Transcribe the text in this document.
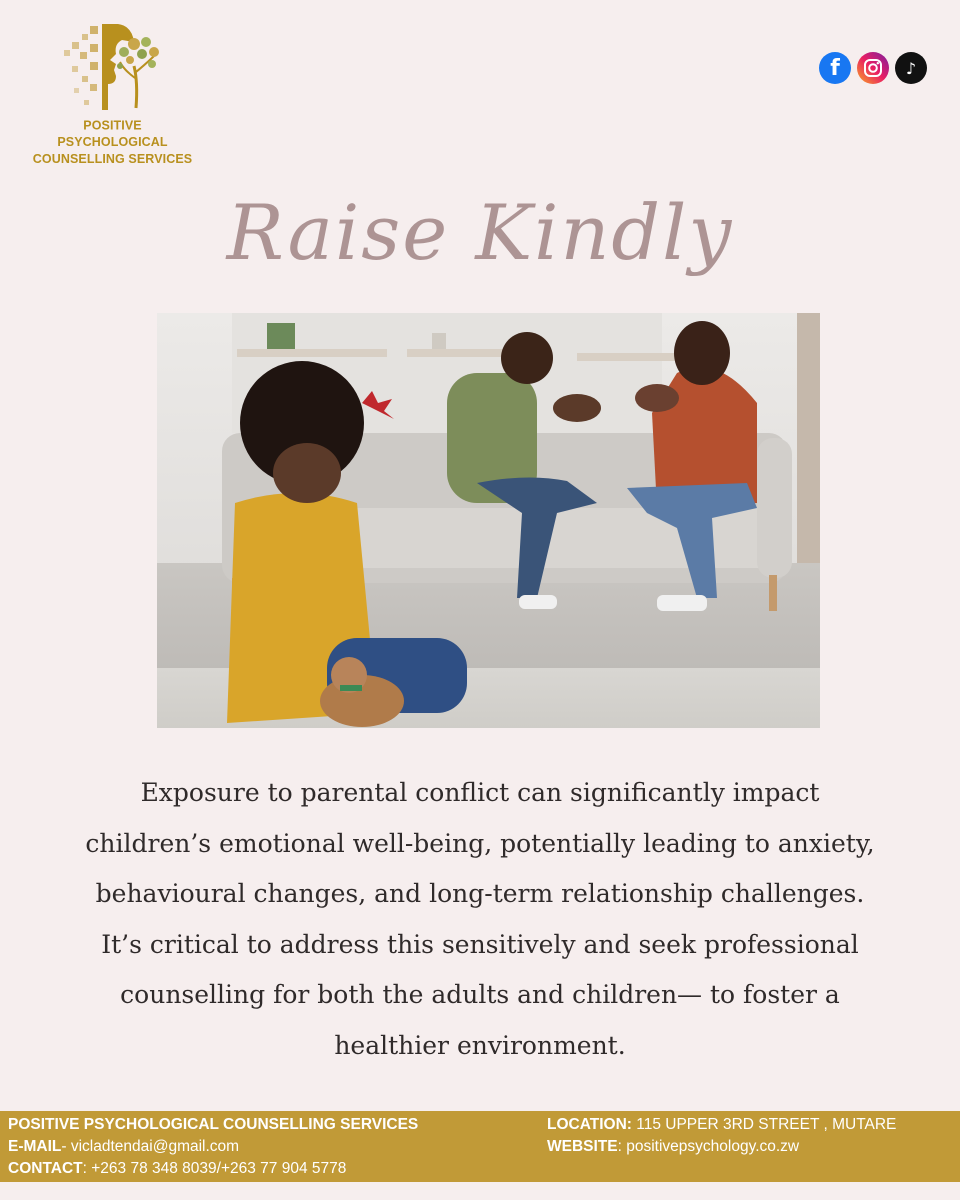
POSITIVE PSYCHOLOGICAL
COUNSELLING SERVICES
f	♪
Raise Kindly
Exposure to parental conflict can significantly impact
children’s emotional well-being, potentially leading to anxiety,
behavioural changes, and long-term relationship challenges.
It’s critical to address this sensitively and seek professional
counselling for both the adults and children— to foster a
healthier environment.
POSITIVE PSYCHOLOGICAL COUNSELLING SERVICES
E-MAIL- vicladtendai@gmail.com
CONTACT: +263 78 348 8039/+263 77 904 5778
LOCATION: 115 UPPER 3RD STREET , MUTARE
WEBSITE: positivepsychology.co.zw
